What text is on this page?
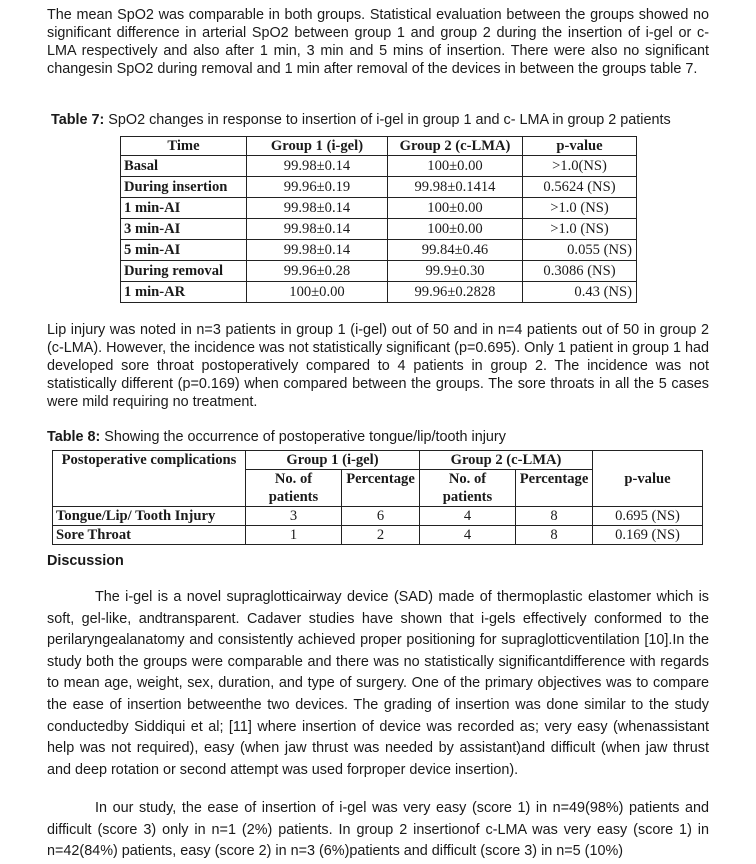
The mean SpO2 was comparable in both groups. Statistical evaluation between the groups showed no significant difference in arterial SpO2 between group 1 and group 2 during the insertion of i-gel or c-LMA respectively and also after 1 min, 3 min and 5 mins of insertion. There were also no significant changesin SpO2 during removal and 1 min after removal of the devices in between the groups table 7.

Table 7: SpO2 changes in response to insertion of i-gel in group 1 and c- LMA in group 2 patients

Time	Group 1 (i-gel)	Group 2 (c-LMA)	p-value
Basal	99.98±0.14	100±0.00	>1.0(NS)
During insertion	99.96±0.19	99.98±0.1414	0.5624 (NS)
1 min-AI	99.98±0.14	100±0.00	>1.0 (NS)
3 min-AI	99.98±0.14	100±0.00	>1.0 (NS)
5 min-AI	99.98±0.14	99.84±0.46	0.055 (NS)
During removal	99.96±0.28	99.9±0.30	0.3086 (NS)
1 min-AR	100±0.00	99.96±0.2828	0.43 (NS)

Lip injury was noted in n=3 patients in group 1 (i-gel) out of 50 and in n=4 patients out of 50 in group 2 (c-LMA). However, the incidence was not statistically significant (p=0.695). Only 1 patient in group 1 had developed sore throat postoperatively compared to 4 patients in group 2. The incidence was not statistically different (p=0.169) when compared between the groups. The sore throats in all the 5 cases were mild requiring no treatment.

Table 8: Showing the occurrence of postoperative tongue/lip/tooth injury

Postoperative complications	Group 1 (i-gel)		Group 2 (c-LMA)		p-value
	No. of patients	Percentage	No. of patients	Percentage	
Tongue/Lip/ Tooth Injury	3	6	4	8	0.695 (NS)
Sore Throat	1	2	4	8	0.169 (NS)

Discussion

The i-gel is a novel supraglotticairway device (SAD) made of thermoplastic elastomer which is soft, gel-like, andtransparent. Cadaver studies have shown that i-gels effectively conformed to the perilaryngealanatomy and consistently achieved proper positioning for supraglotticventilation [10].In the study both the groups were comparable and there was no statistically significantdifference with regards to mean age, weight, sex, duration, and type of surgery. One of the primary objectives was to compare the ease of insertion betweenthe two devices. The grading of insertion was done similar to the study conductedby Siddiqui et al; [11] where insertion of device was recorded as; very easy (whenassistant help was not required), easy (when jaw thrust was needed by assistant)and difficult (when jaw thrust and deep rotation or second attempt was used forproper device insertion).

In our study, the ease of insertion of i-gel was very easy (score 1) in n=49(98%) patients and difficult (score 3) only in n=1 (2%) patients. In group 2 insertionof c-LMA was very easy (score 1) in n=42(84%) patients, easy (score 2) in n=3 (6%)patients and difficult (score 3) in n=5 (10%)
